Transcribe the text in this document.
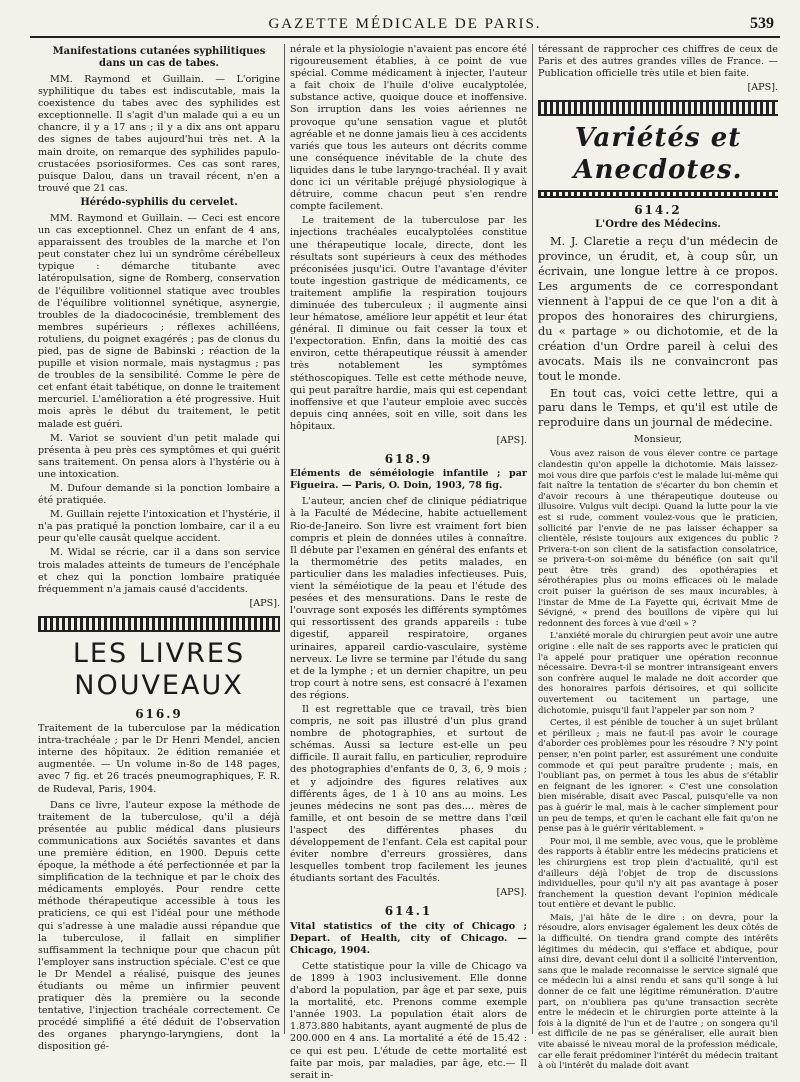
GAZETTE MÉDICALE DE PARIS.	539
Manifestations cutanées syphilitiques dans un cas de tabes.

MM. Raymond et Guillain. — L'origine syphilitique du tabes est indiscutable, mais la coexistence du tabes avec des syphilides est exceptionnelle. Il s'agit d'un malade qui a eu un chancre, il y a 17 ans ; il y a dix ans ont apparu des signes de tabes aujourd'hui très net. A la main droite, on remarque des syphilides papulo-crustacées psoriosiformes. Ces cas sont rares, puisque Dalou, dans un travail récent, n'en a trouvé que 21 cas.

Hérédo-syphilis du cervelet.

MM. Raymond et Guillain. — Ceci est encore un cas exceptionnel. Chez un enfant de 4 ans, apparaissent des troubles de la marche et l'on peut constater chez lui un syndrôme cérébelleux typique : démarche titubante avec latéropulsation, signe de Romberg, conservation de l'équilibre volitionnel statique avec troubles de l'équilibre volitionnel synétique, asynergie, troubles de la diadococinésie, tremblement des membres supérieurs ; réflexes achilléens, rotuliens, du poignet exagérés ; pas de clonus du pied, pas de signe de Babinski ; réaction de la pupille et vision normale, mais nystagmus ; pas de troubles de la sensibilité. Comme le père de cet enfant était tabétique, on donne le traitement mercuriel. L'amélioration a été progressive. Huit mois après le début du traitement, le petit malade est guéri.

M. Variot se souvient d'un petit malade qui présenta à peu près ces symptômes et qui guérit sans traitement. On pensa alors à l'hystérie ou à une intoxication.

M. Dufour demande si la ponction lombaire a été pratiquée.

M. Guillain rejette l'intoxication et l'hystérie, il n'a pas pratiqué la ponction lombaire, car il a eu peur qu'elle causât quelque accident.

M. Widal se récrie, car il a dans son service trois malades atteints de tumeurs de l'encéphale et chez qui la ponction lombaire pratiquée fréquemment n'a jamais causé d'accidents.

[APS].
LES LIVRES
NOUVEAUX
616.9

Traitement de la tuberculose par la médication intra-trachéale ; par le Dr Henri Mendel, ancien interne des hôpitaux. 2e édition remaniée et augmentée. — Un volume in-8o de 148 pages, avec 7 fig. et 26 tracés pneumographiques, F. R. de Rudeval, Paris, 1904.

Dans ce livre, l'auteur expose la méthode de traitement de la tuberculose, qu'il a déjà présentée au public médical dans plusieurs communications aux Sociétés savantes et dans une première édition, en 1900. Depuis cette époque, la méthode a été perfectionnée et par la simplification de la technique et par le choix des médicaments employés. Pour rendre cette méthode thérapeutique accessible à tous les praticiens, ce qui est l'idéal pour une méthode qui s'adresse à une maladie aussi répandue que la tuberculose, il fallait en simplifier suffisamment la technique pour que chacun pût l'employer sans instruction spéciale. C'est ce que le Dr Mendel a réalisé, puisque des jeunes étudiants ou même un infirmier peuvent pratiquer dès la première ou la seconde tentative, l'injection trachéale correctement. Ce procédé simplifié a été déduit de l'observation des organes pharyngo-laryngiens, dont la disposition gé-

nérale et la physiologie n'avaient pas encore été rigoureusement établies, à ce point de vue spécial. Comme médicament à injecter, l'auteur a fait choix de l'huile d'olive eucalyptolée, substance active, quoique douce et inoffensive. Son irruption dans les voies aériennes ne provoque qu'une sensation vague et plutôt agréable et ne donne jamais lieu à ces accidents variés que tous les auteurs ont décrits comme une conséquence inévitable de la chute des liquides dans le tube laryngo-trachéal. Il y avait donc ici un véritable préjugé physiologique à détruire, comme chacun peut s'en rendre compte facilement.

Le traitement de la tuberculose par les injections trachéales eucalyptolées constitue une thérapeutique locale, directe, dont les résultats sont supérieurs à ceux des méthodes préconisées jusqu'ici. Outre l'avantage d'éviter toute ingestion gastrique de médicaments, ce traitement amplifie la respiration toujours diminuée des tuberculeux ; il augmente ainsi leur hématose, améliore leur appétit et leur état général. Il diminue ou fait cesser la toux et l'expectoration. Enfin, dans la moitié des cas environ, cette thérapeutique réussit à amender très notablement les symptômes stéthoscopiques. Telle est cette méthode neuve, qui peut paraître hardie, mais qui est cependant inoffensive et que l'auteur emploie avec succès depuis cinq années, soit en ville, soit dans les hôpitaux.

[APS].
618.9

Eléments de séméiologie infantile ; par Figueira. — Paris, O. Doin, 1903, 78 fig.

L'auteur, ancien chef de clinique pédiatrique à la Faculté de Médecine, habite actuellement Rio-de-Janeiro. Son livre est vraiment fort bien compris et plein de données utiles à connaître. Il débute par l'examen en général des enfants et la thermométrie des petits malades, en particulier dans les maladies infectieuses. Puis, vient la séméiotique de la peau et l'étude des pesées et des mensurations. Dans le reste de l'ouvrage sont exposés les différents symptômes qui ressortissent des grands appareils : tube digestif, appareil respiratoire, organes urinaires, appareil cardio-vasculaire, système nerveux. Le livre se termine par l'étude du sang et de la lymphe ; et un dernier chapitre, un peu trop court à notre sens, est consacré à l'examen des régions.

Il est regrettable que ce travail, très bien compris, ne soit pas illustré d'un plus grand nombre de photographies, et surtout de schémas. Aussi sa lecture est-elle un peu difficile. Il aurait fallu, en particulier, reproduire des photographies d'enfants de 0, 3, 6, 9 mois ; et y adjoindre des figures relatives aux différents âges, de 1 à 10 ans au moins. Les jeunes médecins ne sont pas des.... mères de famille, et ont besoin de se mettre dans l'œil l'aspect des différentes phases du développement de l'enfant. Cela est capital pour éviter nombre d'erreurs grossières, dans lesquelles tombent trop facilement les jeunes étudiants sortant des Facultés.

[APS].
614.1

Vital statistics of the city of Chicago ; Depart. of Health, city of Chicago. — Chicago, 1904.

Cette statistique pour la ville de Chicago va de 1899 à 1903 inclusivement. Elle donne d'abord la population, par âge et par sexe, puis la mortalité, etc. Prenons comme exemple l'année 1903. La population était alors de 1.873.880 habitants, ayant augmenté de plus de 200.000 en 4 ans. La mortalité a été de 15.42 : ce qui est peu. L'étude de cette mortalité est faite par mois, par maladies, par âge, etc.— Il serait in-

téressant de rapprocher ces chiffres de ceux de Paris et des autres grandes villes de France. — Publication officielle très utile et bien faite.

[APS].
Variétés et Anecdotes.
614.2
L'Ordre des Médecins.

M. J. Claretie a reçu d'un médecin de province, un érudit, et, à coup sûr, un écrivain, une longue lettre à ce propos. Les arguments de ce correspondant viennent à l'appui de ce que l'on a dit à propos des honoraires des chirurgiens, du « partage » ou dichotomie, et de la création d'un Ordre pareil à celui des avocats. Mais ils ne convaincront pas tout le monde.

En tout cas, voici cette lettre, qui a paru dans le Temps, et qu'il est utile de reproduire dans un journal de médecine.

Monsieur,

Vous avez raison de vous élever contre ce partage clandestin qu'on appelle la dichotomie. Mais laissez-moi vous dire que parfois c'est le malade lui-même qui fait naître la tentation de s'écarter du bon chemin et d'avoir recours à une thérapeutique douteuse ou illusoire. Vulgus vult decipi. Quand la lutte pour la vie est si rude, comment voulez-vous que le praticien, sollicité par l'envie de ne pas laisser échapper sa clientèle, résiste toujours aux exigences du public ? Privera-t-on son client de la satisfaction consolatrice, se privera-t-on soi-même du bénéfice (on sait qu'il peut être très grand) des opothérapies et sérothérapies plus ou moins efficaces où le malade croit puiser la guérison de ses maux incurables, à l'instar de Mme de La Fayette qui, écrivait Mme de Sévigné, « prend des bouillons de vipère qui lui redonnent des forces à vue d'œil » ?

L'anxiété morale du chirurgien peut avoir une autre origine : elle naît de ses rapports avec le praticien qui l'a appelé pour pratiquer une opération reconnue nécessaire. Devra-t-il se montrer intransigeant envers son confrère auquel le malade ne doit accorder que des honoraires parfois dérisoires, et qui sollicite ouvertement ou tacitement un partage, une dichotomie, puisqu'il faut l'appeler par son nom ?

Certes, il est pénible de toucher à un sujet brûlant et périlleux ; mais ne faut-il pas avoir le courage d'aborder ces problèmes pour les résoudre ? N'y point penser, n'en point parler, est assurément une conduite commode et qui peut paraître prudente ; mais, en l'oubliant pas, on permet à tous les abus de s'établir en feignant de les ignorer. « C'est une consolation bien misérable, disait avec Pascal, puisqu'elle va non pas à guérir le mal, mais à le cacher simplement pour un peu de temps, et qu'en le cachant elle fait qu'on ne pense pas à le guérir véritablement. »

Pour moi, il me semble, avec vous, que le problème des rapports à établir entre les médecins praticiens et les chirurgiens est trop plein d'actualité, qu'il est d'ailleurs déjà l'objet de trop de discussions individuelles, pour qu'il n'y ait pas avantage à poser franchement la question devant l'opinion médicale tout entière et devant le public.

Mais, j'ai hâte de le dire : on devra, pour la résoudre, alors envisager également les deux côtés de la difficulté. On tiendra grand compte des intérêts légitimes du médecin, qui s'efface et abdique, pour ainsi dire, devant celui dont il a sollicité l'intervention, sans que le malade reconnaisse le service signalé que ce médecin lui a ainsi rendu et sans qu'il songe à lui donner de ce fait une légitime rémunération. D'autre part, on n'oubliera pas qu'une transaction secrète entre le médecin et le chirurgien porte atteinte à la fois à la dignité de l'un et de l'autre ; on songera qu'il est difficile de ne pas se généraliser, elle aurait bien vite abaissé le niveau moral de la profession médicale, car elle ferait prédominer l'intérêt du médecin traitant à où l'intérêt du malade doit avant
